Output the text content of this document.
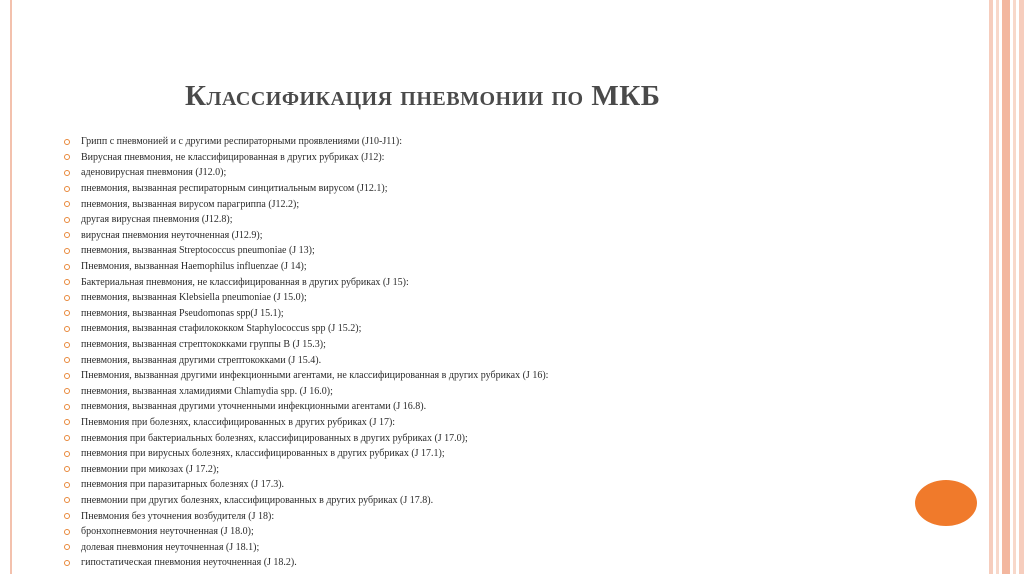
Классификация пневмонии по МКБ
Грипп с пневмонией и с другими респираторными проявлениями (J10-J11):
Вирусная пневмония, не классифицированная в других рубриках (J12):
аденовирусная пневмония (J12.0);
пневмония, вызванная респираторным синцитиальным вирусом (J12.1);
пневмония, вызванная вирусом парагриппа (J12.2);
другая вирусная пневмония (J12.8);
вирусная пневмония неуточненная (J12.9);
пневмония, вызванная Streptococcus pneumoniae (J 13);
Пневмония, вызванная Haemophilus influenzae (J 14);
Бактериальная пневмония, не классифицированная в других рубриках (J 15):
пневмония, вызванная Klebsiella pneumoniae (J 15.0);
пневмония, вызванная Pseudomonas spp(J 15.1);
пневмония, вызванная стафилококком Staphylococcus spp (J 15.2);
пневмония, вызванная стрептококками группы В (J 15.3);
пневмония, вызванная другими стрептококками (J 15.4).
Пневмония, вызванная другими инфекционными агентами, не классифицированная в других рубриках (J 16):
пневмония, вызванная хламидиями Chlamydia spp. (J 16.0);
пневмония, вызванная другими уточненными инфекционными агентами (J 16.8).
Пневмония при болезнях, классифицированных в других рубриках (J 17):
пневмония при бактериальных болезнях, классифицированных в других рубриках (J 17.0);
пневмония при вирусных болезнях, классифицированных в других рубриках (J 17.1);
пневмонии при микозах (J 17.2);
пневмония при паразитарных болезнях (J 17.3).
пневмонии при других болезнях, классифицированных в других рубриках (J 17.8).
Пневмония без уточнения возбудителя (J 18):
бронхопневмония неуточненная (J 18.0);
долевая пневмония неуточненная (J 18.1);
гипостатическая пневмония неуточненная (J 18.2).
